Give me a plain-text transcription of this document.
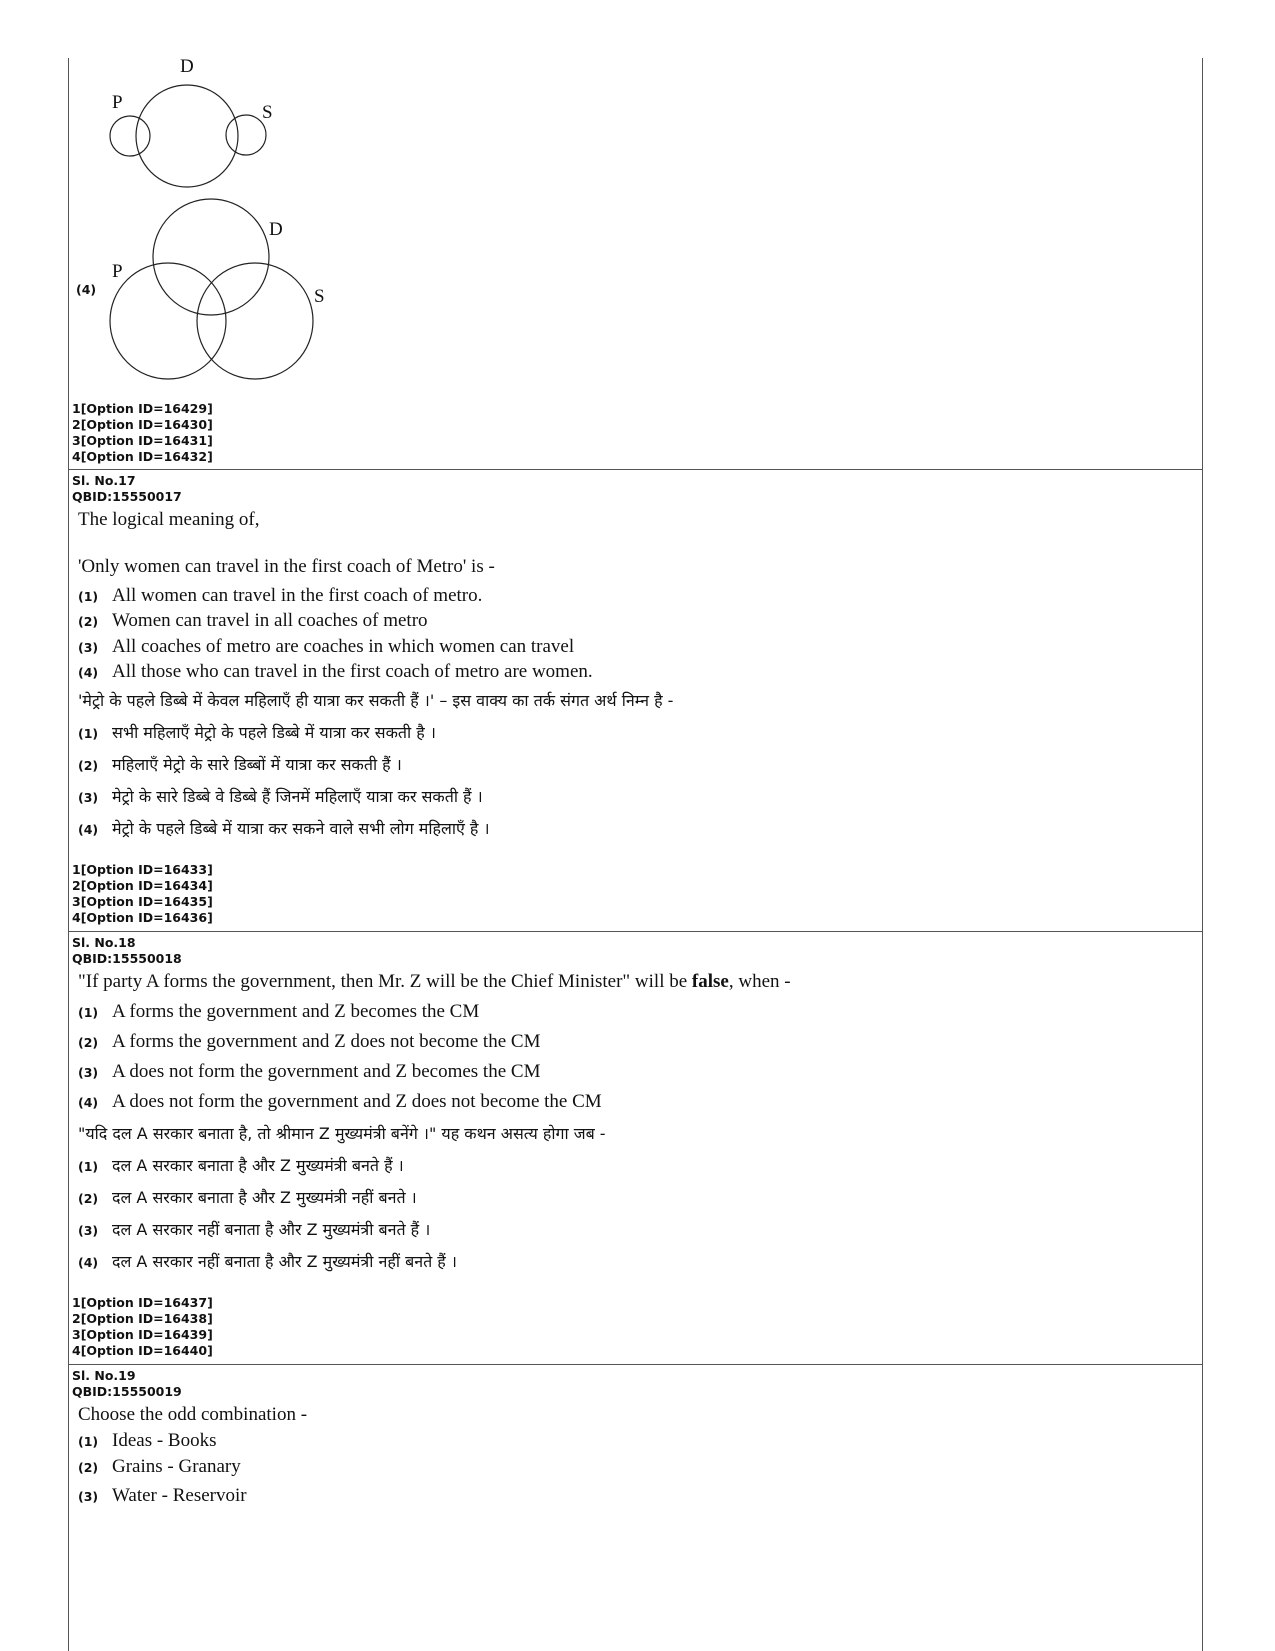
D
P	S
(4)
D
P
S
1[Option ID=16429]
2[Option ID=16430]
3[Option ID=16431]
4[Option ID=16432]
Sl. No.17
QBID:15550017
The logical meaning of,
'Only women can travel in the first coach of Metro' is -
(1) All women can travel in the first coach of metro.
(2) Women can travel in all coaches of metro
(3) All coaches of metro are coaches in which women can travel
(4) All those who can travel in the first coach of metro are women.
'मेट्रो के पहले डिब्बे में केवल महिलाएँ ही यात्रा कर सकती हैं ।' – इस वाक्य का तर्क संगत अर्थ निम्न है -
(1) सभी महिलाएँ मेट्रो के पहले डिब्बे में यात्रा कर सकती है ।
(2) महिलाएँ मेट्रो के सारे डिब्बों में यात्रा कर सकती हैं ।
(3) मेट्रो के सारे डिब्बे वे डिब्बे हैं जिनमें महिलाएँ यात्रा कर सकती हैं ।
(4) मेट्रो के पहले डिब्बे में यात्रा कर सकने वाले सभी लोग महिलाएँ है ।
1[Option ID=16433]
2[Option ID=16434]
3[Option ID=16435]
4[Option ID=16436]
Sl. No.18
QBID:15550018
"If party A forms the government, then Mr. Z will be the Chief Minister" will be false, when -
(1) A forms the government and Z becomes the CM
(2) A forms the government and Z does not become the CM
(3) A does not form the government and Z becomes the CM
(4) A does not form the government and Z does not become the CM
"यदि दल A सरकार बनाता है, तो श्रीमान Z मुख्यमंत्री बनेंगे ।" यह कथन असत्य होगा जब -
(1) दल A सरकार बनाता है और Z मुख्यमंत्री बनते हैं ।
(2) दल A सरकार बनाता है और Z मुख्यमंत्री नहीं बनते ।
(3) दल A सरकार नहीं बनाता है और Z मुख्यमंत्री बनते हैं ।
(4) दल A सरकार नहीं बनाता है और Z मुख्यमंत्री नहीं बनते हैं ।
1[Option ID=16437]
2[Option ID=16438]
3[Option ID=16439]
4[Option ID=16440]
Sl. No.19
QBID:15550019
Choose the odd combination -
(1) Ideas - Books
(2) Grains - Granary
(3) Water - Reservoir
